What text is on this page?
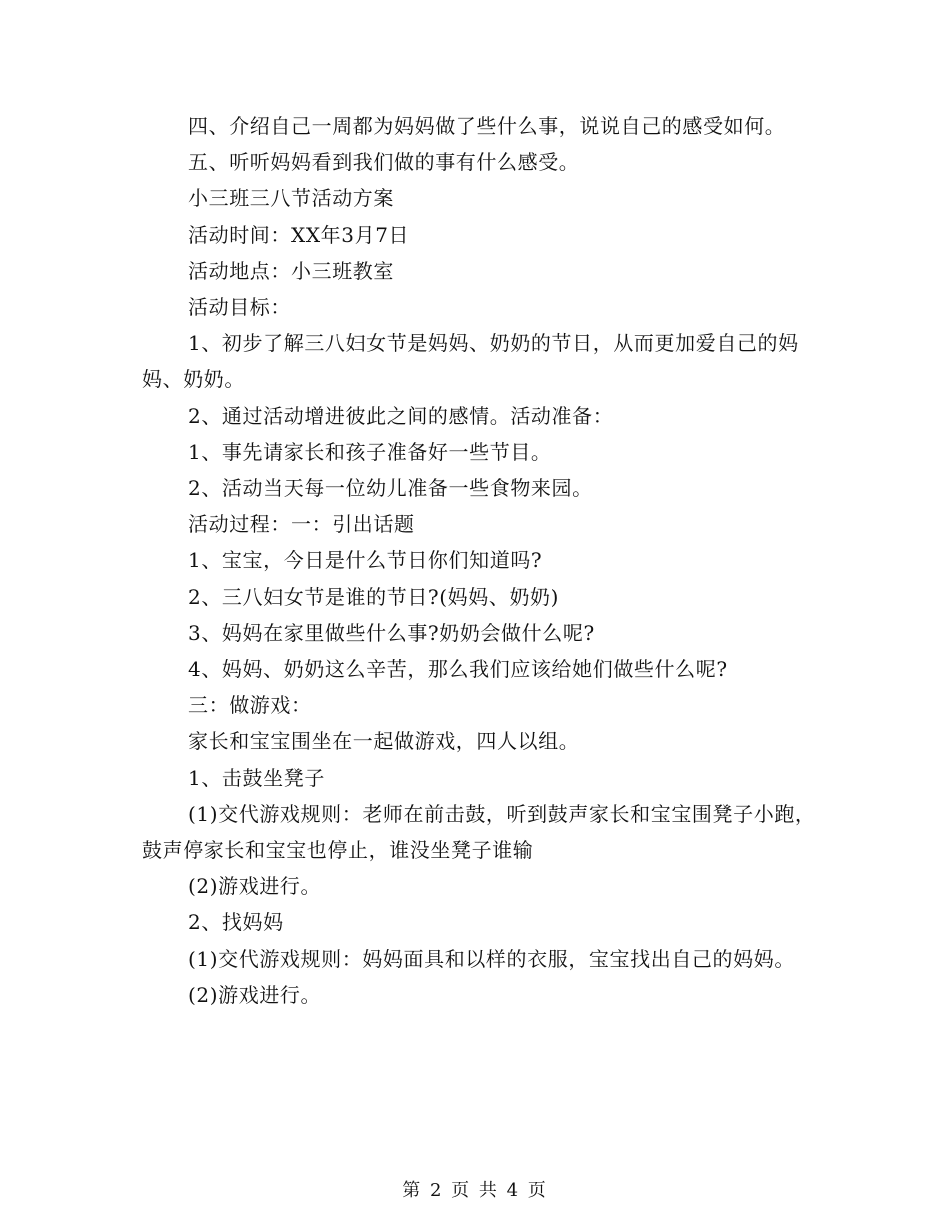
四、介绍自己一周都为妈妈做了些什么事，说说自己的感受如何。

五、听听妈妈看到我们做的事有什么感受。

小三班三八节活动方案

活动时间：XX年3月7日

活动地点：小三班教室

活动目标：

1、初步了解三八妇女节是妈妈、奶奶的节日，从而更加爱自己的妈妈、奶奶。

2、通过活动增进彼此之间的感情。活动准备：

1、事先请家长和孩子准备好一些节目。

2、活动当天每一位幼儿准备一些食物来园。

活动过程：一：引出话题

1、宝宝，今日是什么节日你们知道吗?

2、三八妇女节是谁的节日?(妈妈、奶奶)

3、妈妈在家里做些什么事?奶奶会做什么呢?

4、妈妈、奶奶这么辛苦，那么我们应该给她们做些什么呢?

三：做游戏：

家长和宝宝围坐在一起做游戏，四人以组。

1、击鼓坐凳子

(1)交代游戏规则：老师在前击鼓，听到鼓声家长和宝宝围凳子小跑，鼓声停家长和宝宝也停止，谁没坐凳子谁输

(2)游戏进行。

2、找妈妈

(1)交代游戏规则：妈妈面具和以样的衣服，宝宝找出自己的妈妈。

(2)游戏进行。

第 2 页 共 4 页
